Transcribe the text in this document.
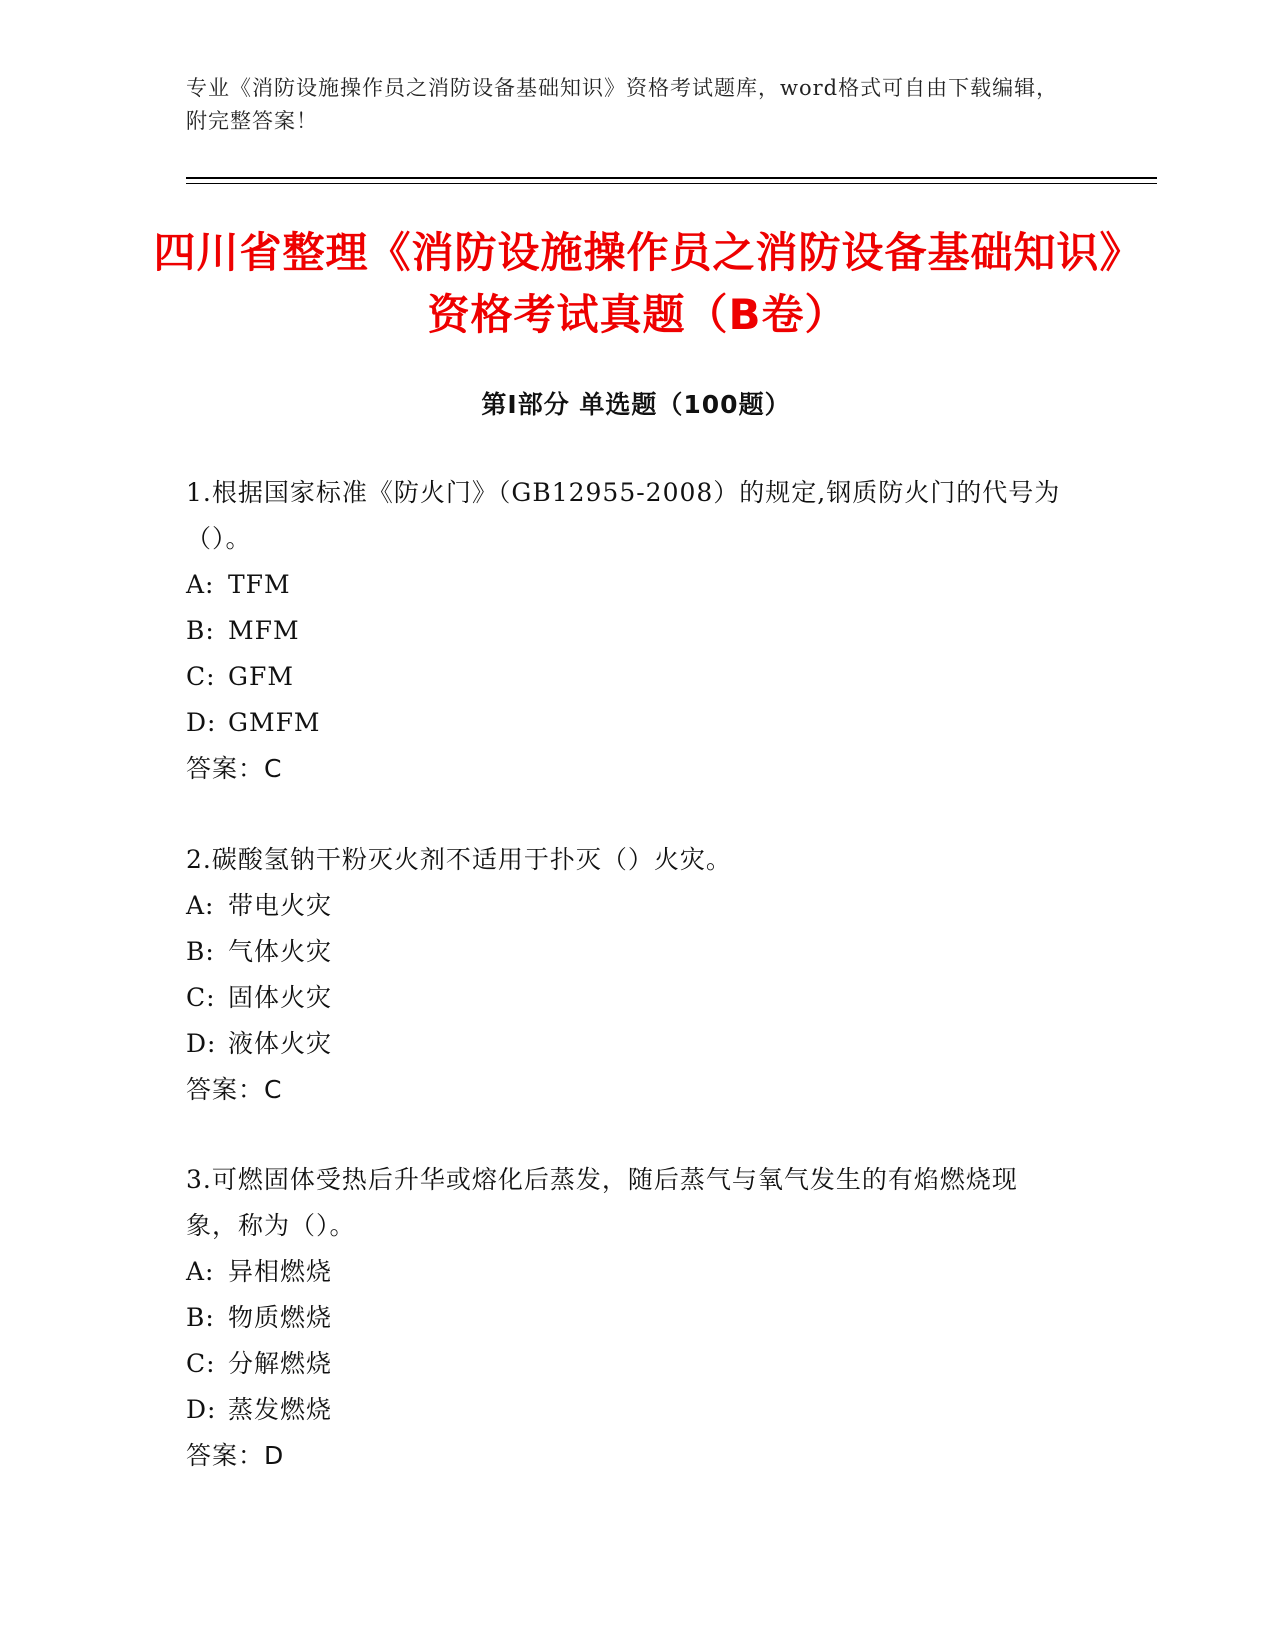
专业《消防设施操作员之消防设备基础知识》资格考试题库，word格式可自由下载编辑，附完整答案！
四川省整理《消防设施操作员之消防设备基础知识》资格考试真题（B卷）
第Ⅰ部分 单选题（100题）

1.根据国家标准《防火门》（GB12955-2008）的规定,钢质防火门的代号为（）。

A: TFM
B: MFM
C: GFM
D: GMFM
答案：C

2.碳酸氢钠干粉灭火剂不适用于扑灭（）火灾。

A: 带电火灾
B: 气体火灾
C: 固体火灾
D: 液体火灾
答案：C

3.可燃固体受热后升华或熔化后蒸发，随后蒸气与氧气发生的有焰燃烧现象，称为（）。

A: 异相燃烧
B: 物质燃烧
C: 分解燃烧
D: 蒸发燃烧
答案：D
